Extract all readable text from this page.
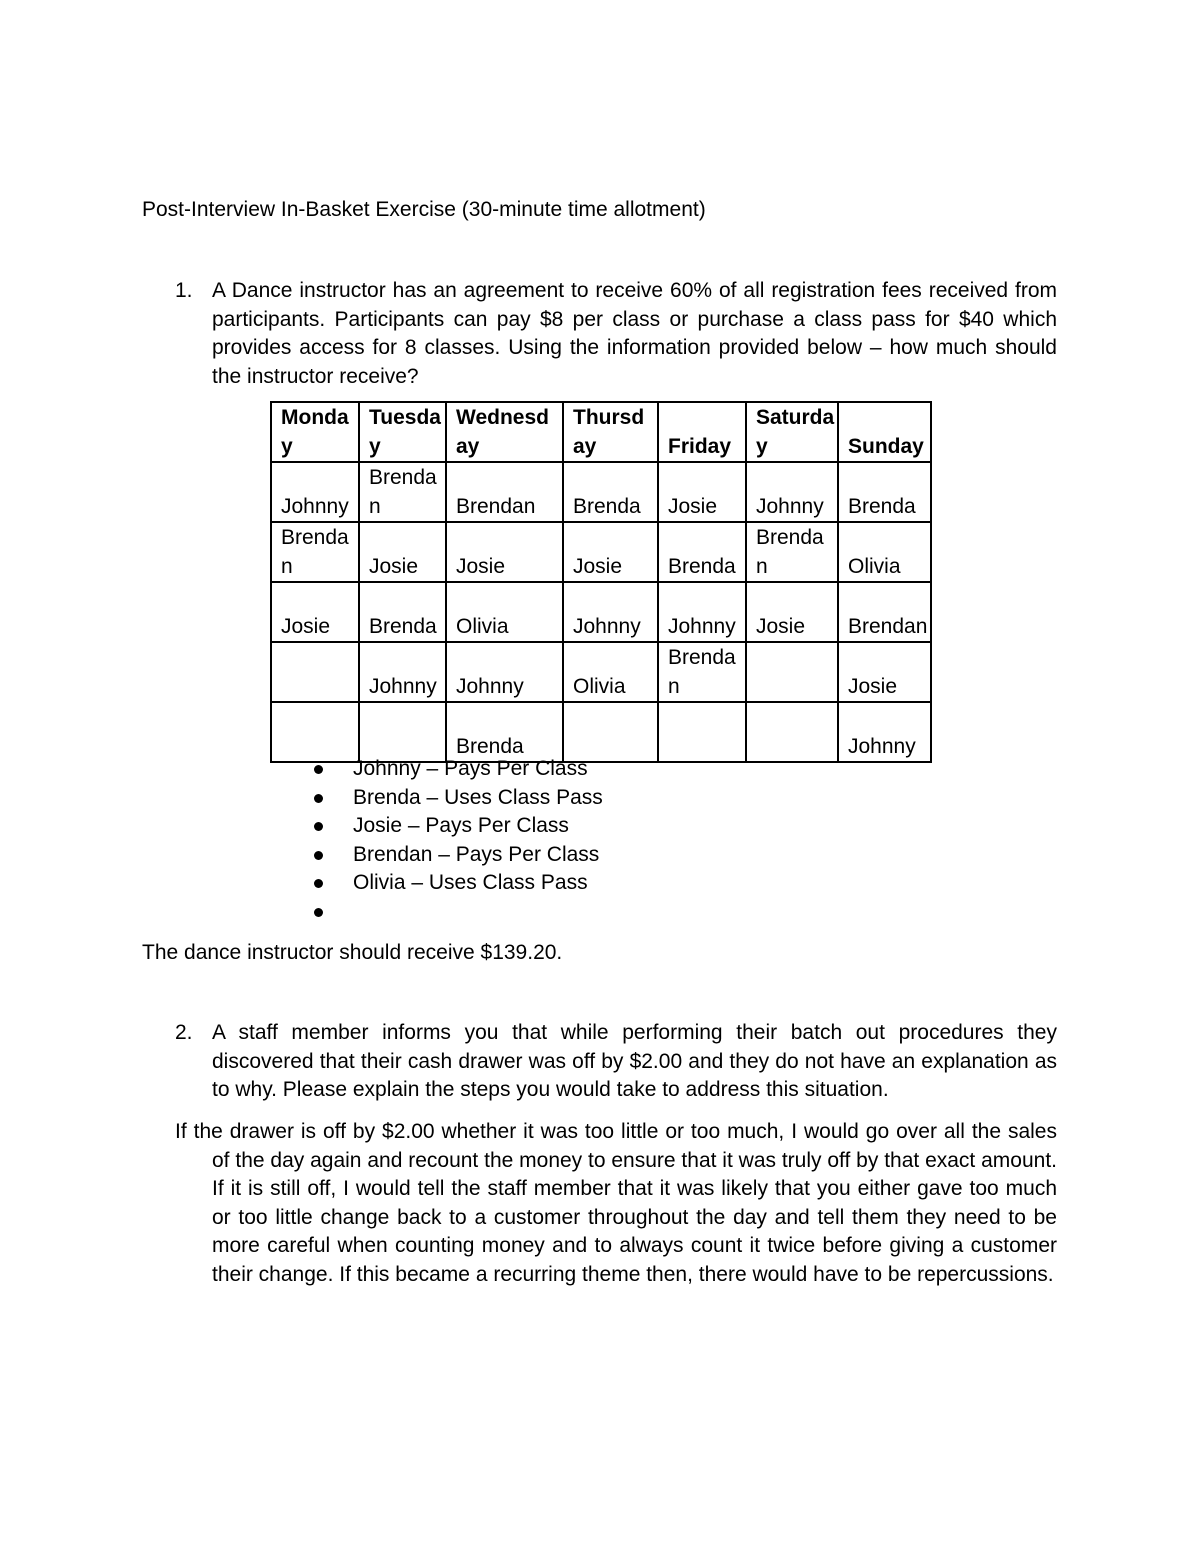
Post-Interview In-Basket Exercise (30-minute time allotment)
1. A Dance instructor has an agreement to receive 60% of all registration fees received from participants. Participants can pay $8 per class or purchase a class pass for $40 which provides access for 8 classes. Using the information provided below – how much should the instructor receive?
Monday	Tuesday	Wednesday	Thursday	Friday	Saturday	Sunday
Johnny	Brendan	Brendan	Brenda	Josie	Johnny	Brenda
Brendan	Josie	Josie	Josie	Brenda	Brendan	Olivia
Josie	Brenda	Olivia	Johnny	Johnny	Josie	Brendan
	Johnny	Johnny	Olivia	Brendan		Josie
		Brenda				Johnny
Johnny – Pays Per Class
Brenda – Uses Class Pass
Josie – Pays Per Class
Brendan – Pays Per Class
Olivia – Uses Class Pass
The dance instructor should receive $139.20.
2. A staff member informs you that while performing their batch out procedures they discovered that their cash drawer was off by $2.00 and they do not have an explanation as to why. Please explain the steps you would take to address this situation.
If the drawer is off by $2.00 whether it was too little or too much, I would go over all the sales of the day again and recount the money to ensure that it was truly off by that exact amount. If it is still off, I would tell the staff member that it was likely that you either gave too much or too little change back to a customer throughout the day and tell them they need to be more careful when counting money and to always count it twice before giving a customer their change. If this became a recurring theme then, there would have to be repercussions.
